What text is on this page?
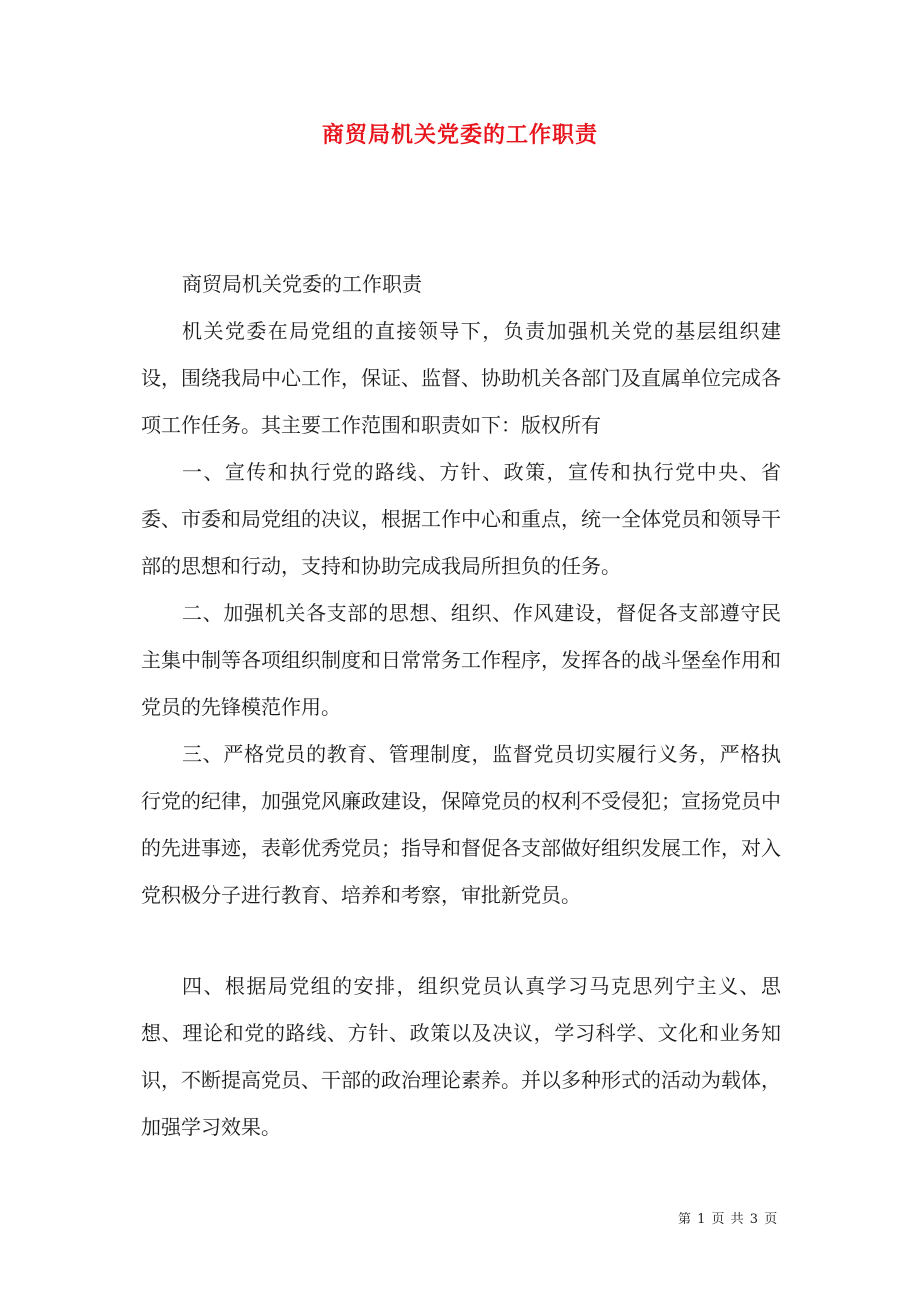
商贸局机关党委的工作职责

商贸局机关党委的工作职责

机关党委在局党组的直接领导下，负责加强机关党的基层组织建设，围绕我局中心工作，保证、监督、协助机关各部门及直属单位完成各项工作任务。其主要工作范围和职责如下：版权所有

一、宣传和执行党的路线、方针、政策，宣传和执行党中央、省委、市委和局党组的决议，根据工作中心和重点，统一全体党员和领导干部的思想和行动，支持和协助完成我局所担负的任务。

二、加强机关各支部的思想、组织、作风建设，督促各支部遵守民主集中制等各项组织制度和日常常务工作程序，发挥各的战斗堡垒作用和党员的先锋模范作用。

三、严格党员的教育、管理制度，监督党员切实履行义务，严格执行党的纪律，加强党风廉政建设，保障党员的权利不受侵犯；宣扬党员中的先进事迹，表彰优秀党员；指导和督促各支部做好组织发展工作，对入党积极分子进行教育、培养和考察，审批新党员。

四、根据局党组的安排，组织党员认真学习马克思列宁主义、思想、理论和党的路线、方针、政策以及决议，学习科学、文化和业务知识，不断提高党员、干部的政治理论素养。并以多种形式的活动为载体，加强学习效果。

第 1 页 共 3 页
